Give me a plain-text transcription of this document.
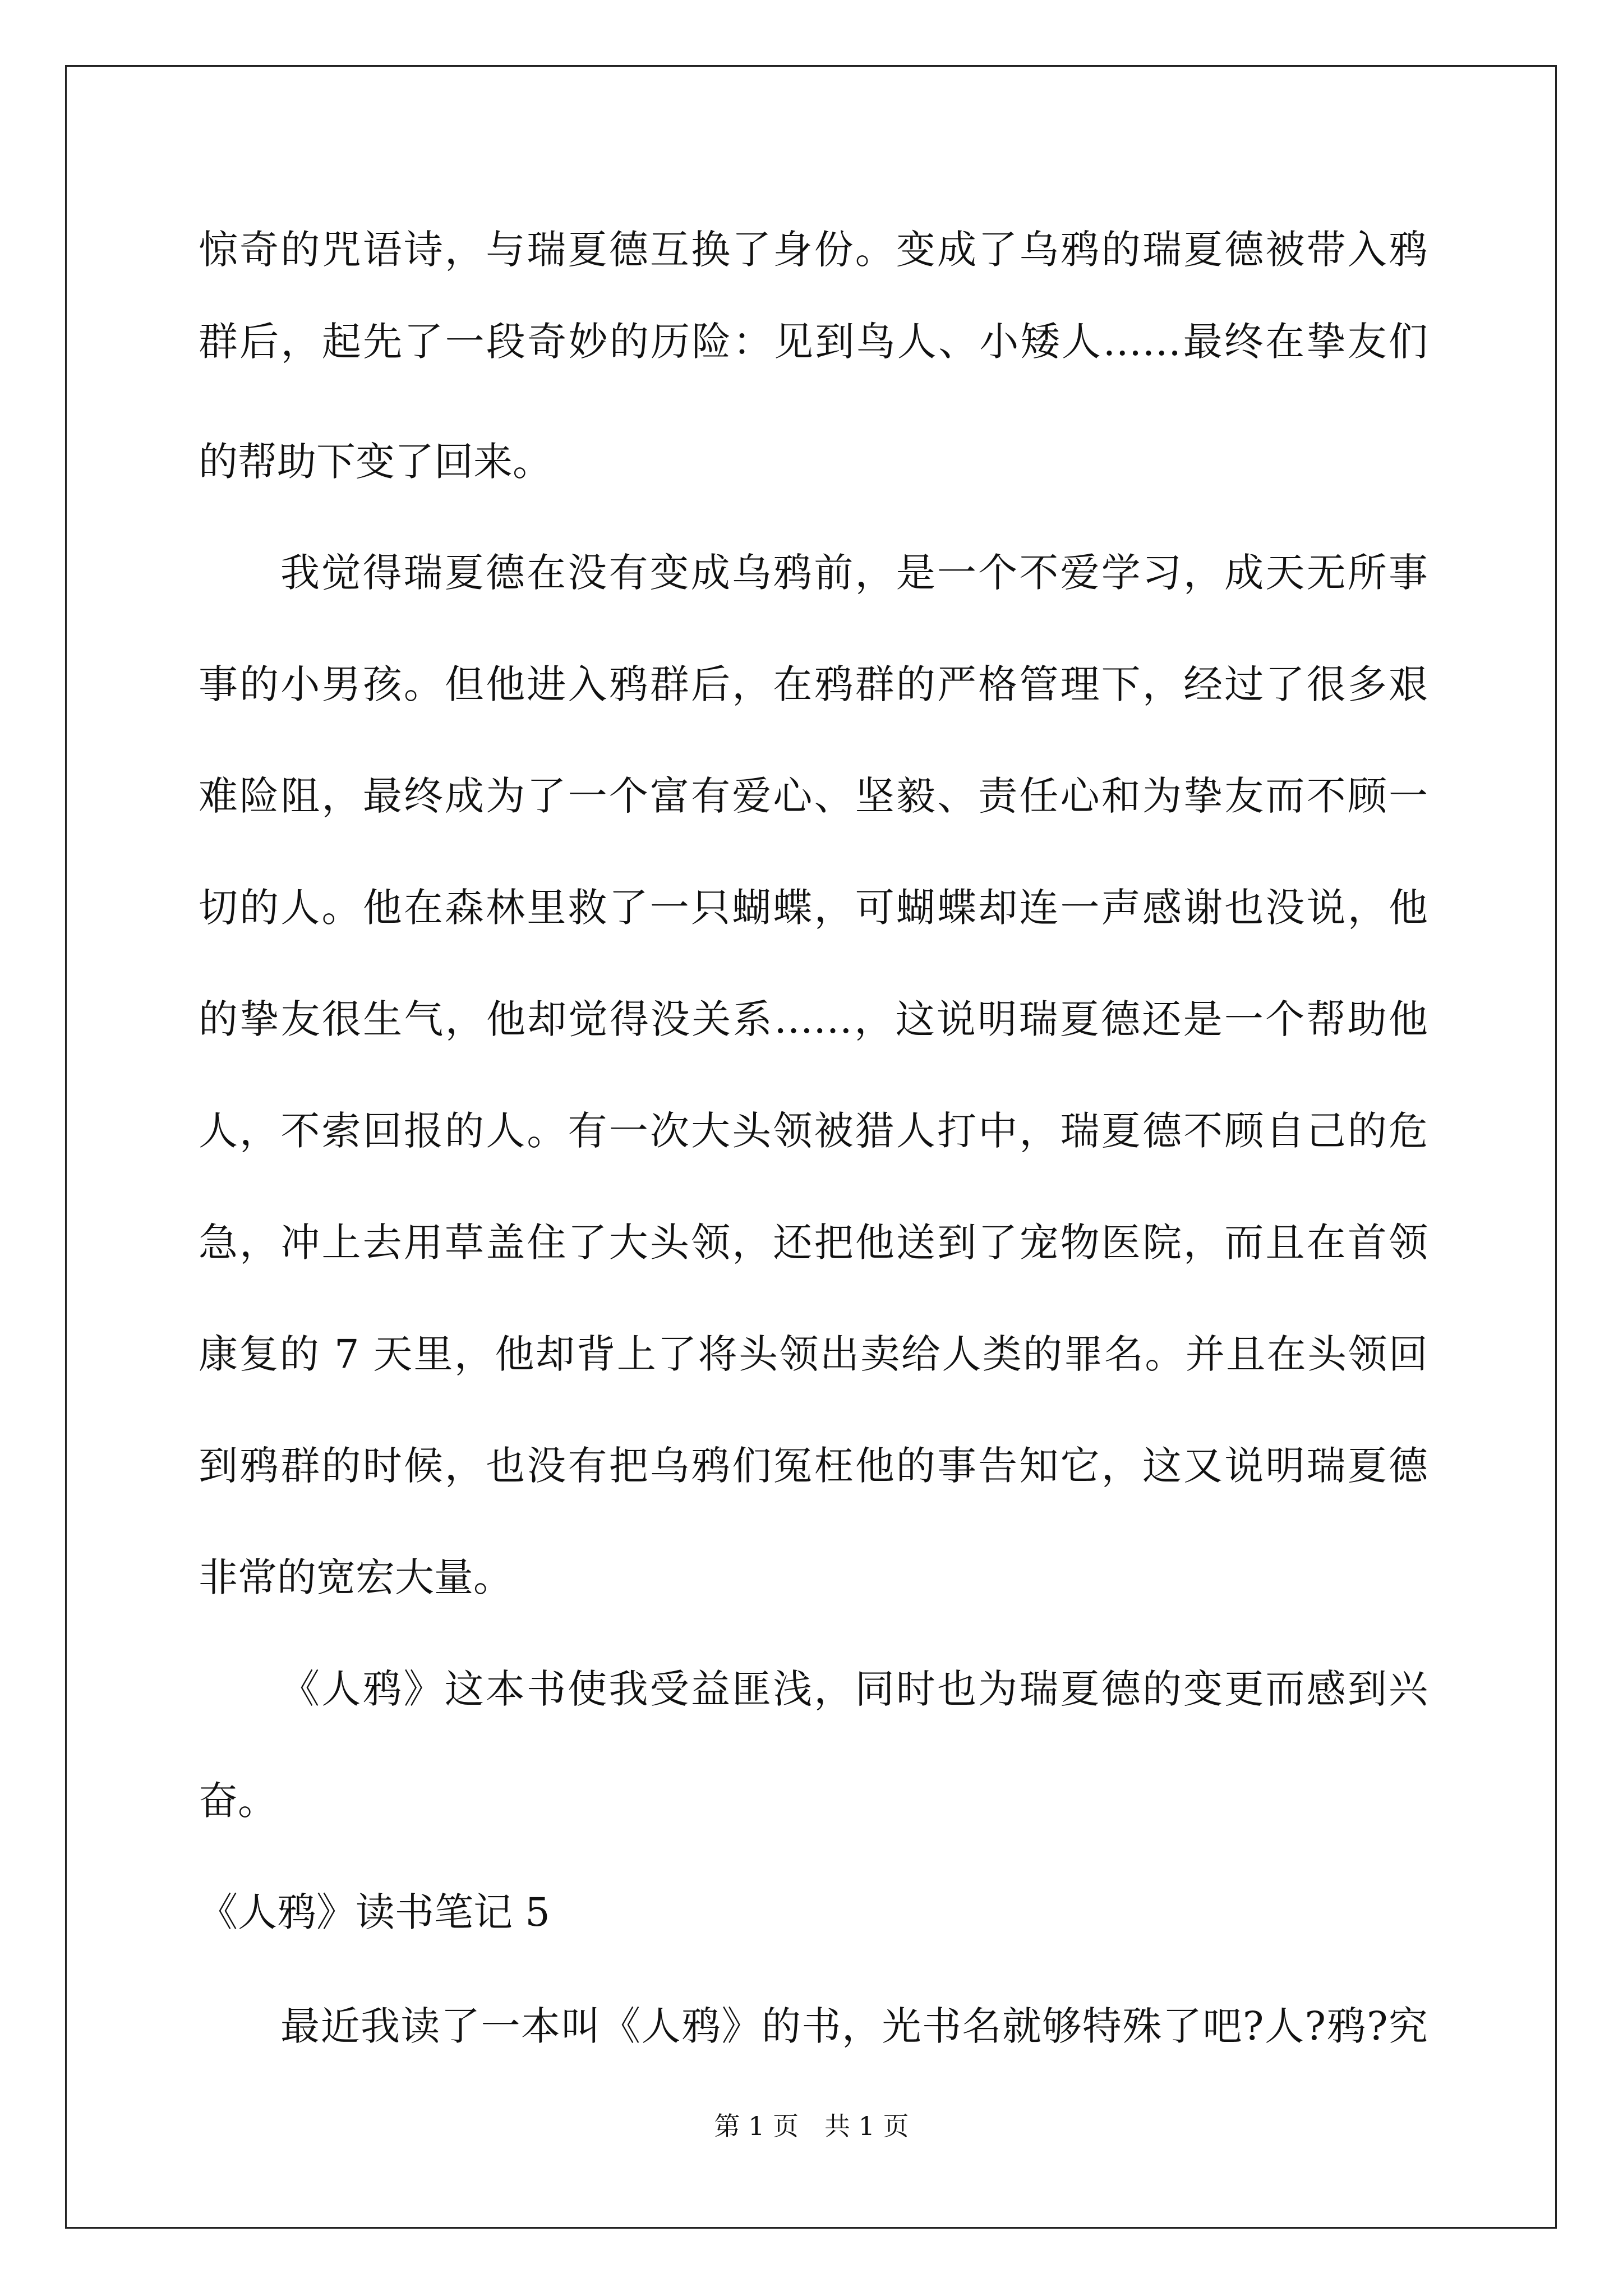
惊奇的咒语诗，与瑞夏德互换了身份。变成了乌鸦的瑞夏德被带入鸦
群后，起先了一段奇妙的历险：见到鸟人、小矮人……最终在挚友们
的帮助下变了回来。
我觉得瑞夏德在没有变成乌鸦前，是一个不爱学习，成天无所事
事的小男孩。但他进入鸦群后，在鸦群的严格管理下，经过了很多艰
难险阻，最终成为了一个富有爱心、坚毅、责任心和为挚友而不顾一
切的人。他在森林里救了一只蝴蝶，可蝴蝶却连一声感谢也没说，他
的挚友很生气，他却觉得没关系……，这说明瑞夏德还是一个帮助他
人，不索回报的人。有一次大头领被猎人打中，瑞夏德不顾自己的危
急，冲上去用草盖住了大头领，还把他送到了宠物医院，而且在首领
康复的 7 天里，他却背上了将头领出卖给人类的罪名。并且在头领回
到鸦群的时候，也没有把乌鸦们冤枉他的事告知它，这又说明瑞夏德
非常的宽宏大量。
《人鸦》这本书使我受益匪浅，同时也为瑞夏德的变更而感到兴
奋。
《人鸦》读书笔记 5
最近我读了一本叫《人鸦》的书，光书名就够特殊了吧?人?鸦?究
第 1 页　共 1 页
